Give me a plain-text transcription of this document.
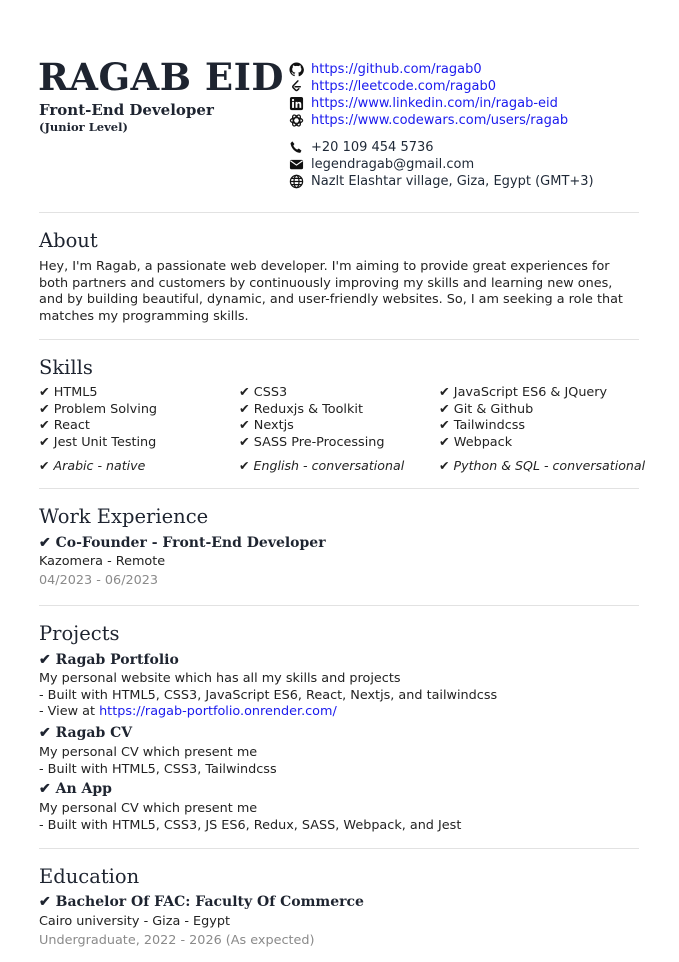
RAGAB EID
Front-End Developer
(Junior Level)
https://github.com/ragab0
https://leetcode.com/ragab0
https://www.linkedin.com/in/ragab-eid
https://www.codewars.com/users/ragab
+20 109 454 5736
legendragab@gmail.com
Nazlt Elashtar village, Giza, Egypt (GMT+3)
About
Hey, I'm Ragab, a passionate web developer. I'm aiming to provide great experiences for both partners and customers by continuously improving my skills and learning new ones, and by building beautiful, dynamic, and user-friendly websites. So, I am seeking a role that matches my programming skills.
Skills
✔ HTML5	✔ CSS3	✔ JavaScript ES6 & JQuery
✔ Problem Solving	✔ Reduxjs & Toolkit	✔ Git & Github
✔ React	✔ Nextjs	✔ Tailwindcss
✔ Jest Unit Testing	✔ SASS Pre-Processing	✔ Webpack
✔ Arabic - native	✔ English - conversational	✔ Python & SQL - conversational
Work Experience
✔ Co-Founder - Front-End Developer
Kazomera - Remote
04/2023 - 06/2023
Projects
✔ Ragab Portfolio
My personal website which has all my skills and projects
- Built with HTML5, CSS3, JavaScript ES6, React, Nextjs, and tailwindcss
- View at https://ragab-portfolio.onrender.com/
✔ Ragab CV
My personal CV which present me
- Built with HTML5, CSS3, Tailwindcss
✔ An App
My personal CV which present me
- Built with HTML5, CSS3, JS ES6, Redux, SASS, Webpack, and Jest
Education
✔ Bachelor Of FAC: Faculty Of Commerce
Cairo university - Giza - Egypt
Undergraduate, 2022 - 2026 (As expected)
